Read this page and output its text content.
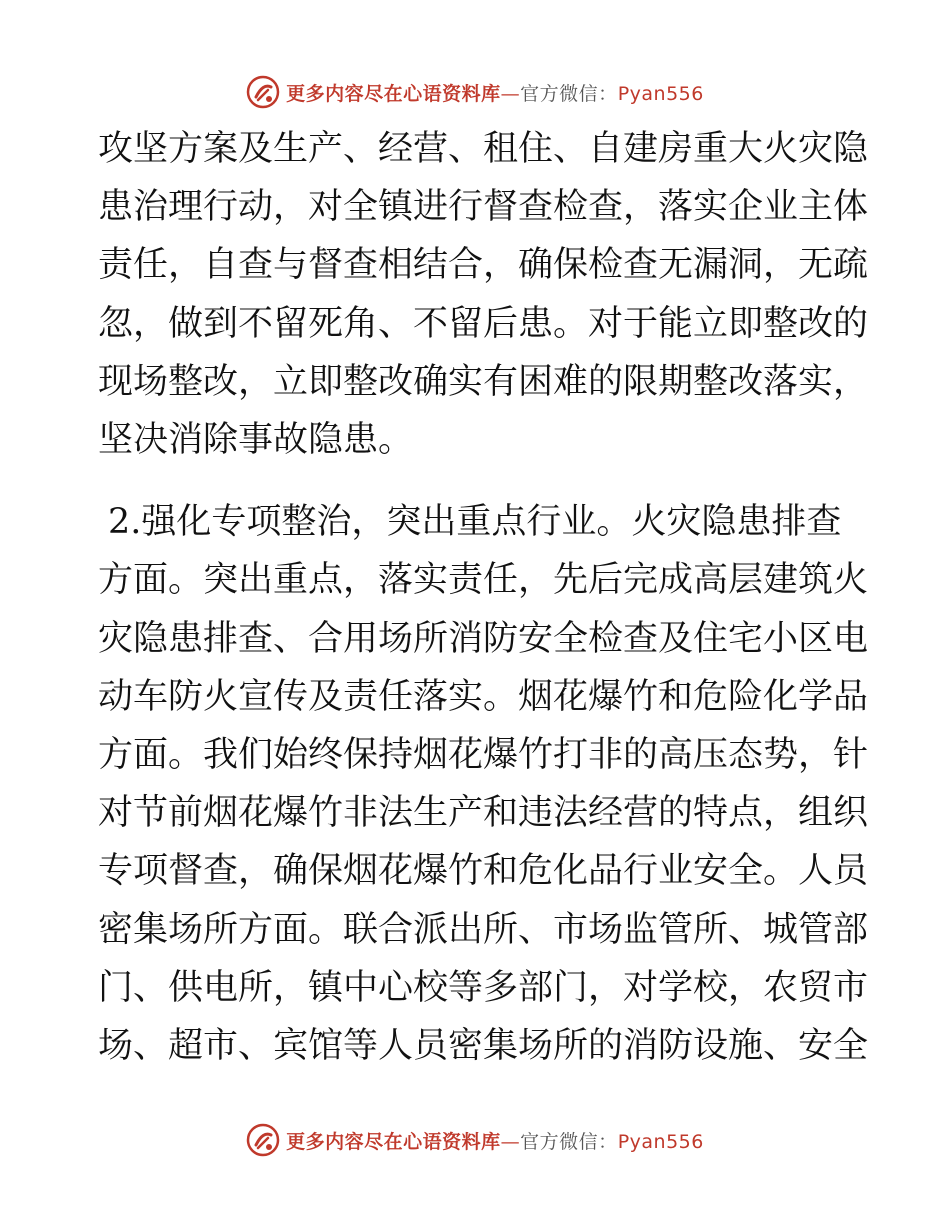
更多内容尽在心语资料库—官方微信：Pyan556
攻坚方案及生产、经营、租住、自建房重大火灾隐
患治理行动，对全镇进行督查检查，落实企业主体
责任，自查与督查相结合，确保检查无漏洞，无疏
忽，做到不留死角、不留后患。对于能立即整改的
现场整改，立即整改确实有困难的限期整改落实，
坚决消除事故隐患。
2.强化专项整治，突出重点行业。火灾隐患排查
方面。突出重点，落实责任，先后完成高层建筑火
灾隐患排查、合用场所消防安全检查及住宅小区电
动车防火宣传及责任落实。烟花爆竹和危险化学品
方面。我们始终保持烟花爆竹打非的高压态势，针
对节前烟花爆竹非法生产和违法经营的特点，组织
专项督查，确保烟花爆竹和危化品行业安全。人员
密集场所方面。联合派出所、市场监管所、城管部
门、供电所，镇中心校等多部门，对学校，农贸市
场、超市、宾馆等人员密集场所的消防设施、安全
更多内容尽在心语资料库—官方微信：Pyan556
